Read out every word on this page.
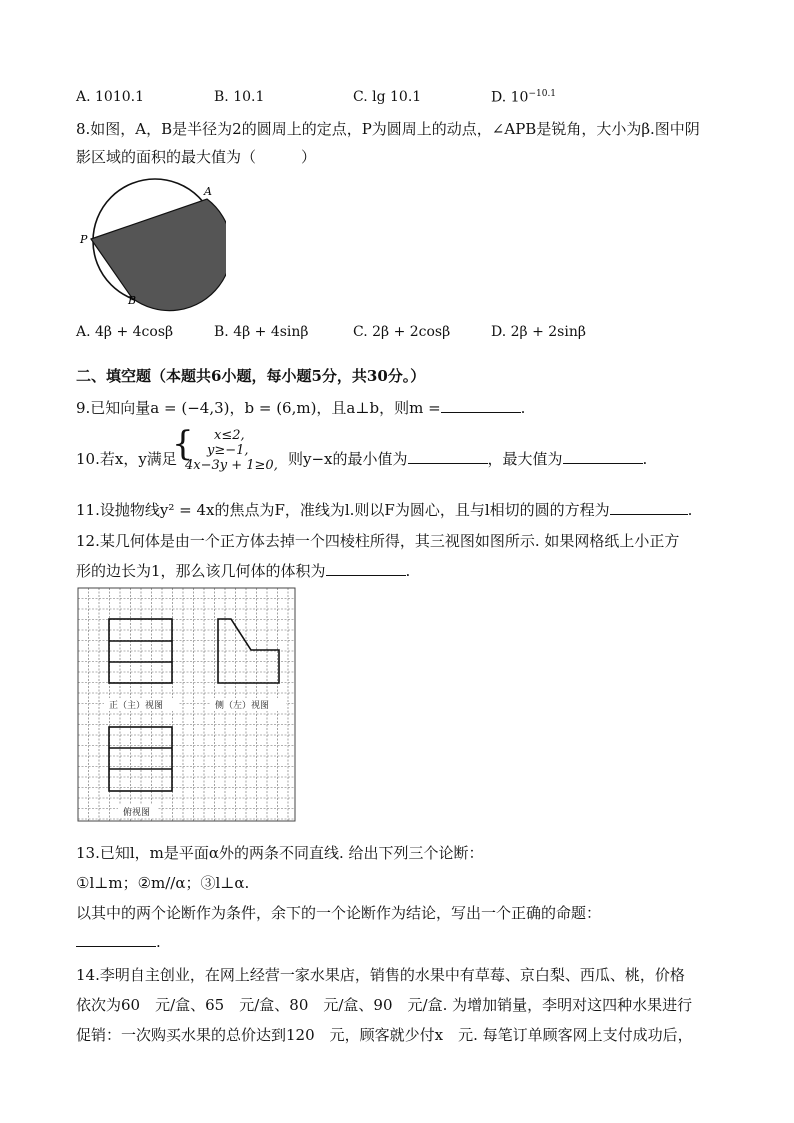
A. 1010.1	B. 10.1	C. lg 10.1	D. $10^{-10.1}$
8.如图，A，B是半径为2的圆周上的定点，P为圆周上的动点，∠APB是锐角，大小为β.图中阴
影区域的面积的最大值为（　　　）
A
P
B
A. 4β + 4cosβ	B. 4β + 4sinβ	C. 2β + 2cosβ	D. 2β + 2sinβ
二、填空题（本题共6小题，每小题5分，共30分。）
9.已知向量a = (−4,3)，b = (6,m)，且a⊥b，则m =	.
10.若x，y满足
{ x≤2,
y≥−1,
4x−3y + 1≥0, 则y−x的最小值为	，最大值为	.
11.设抛物线y² = 4x的焦点为F，准线为l.则以F为圆心，且与l相切的圆的方程为	.
12.某几何体是由一个正方体去掉一个四棱柱所得，其三视图如图所示. 如果网格纸上小正方
形的边长为1，那么该几何体的体积为	.
正（主）视图	侧（左）视图
俯视图
13.已知l，m是平面α外的两条不同直线. 给出下列三个论断：
①l⊥m；②m//α；③l⊥α.
以其中的两个论断作为条件，余下的一个论断作为结论，写出一个正确的命题：
.
14.李明自主创业，在网上经营一家水果店，销售的水果中有草莓、京白梨、西瓜、桃，价格
依次为60　元/盒、65　元/盒、80　元/盒、90　元/盒. 为增加销量，李明对这四种水果进行
促销：一次购买水果的总价达到120　元，顾客就少付x　元. 每笔订单顾客网上支付成功后，
